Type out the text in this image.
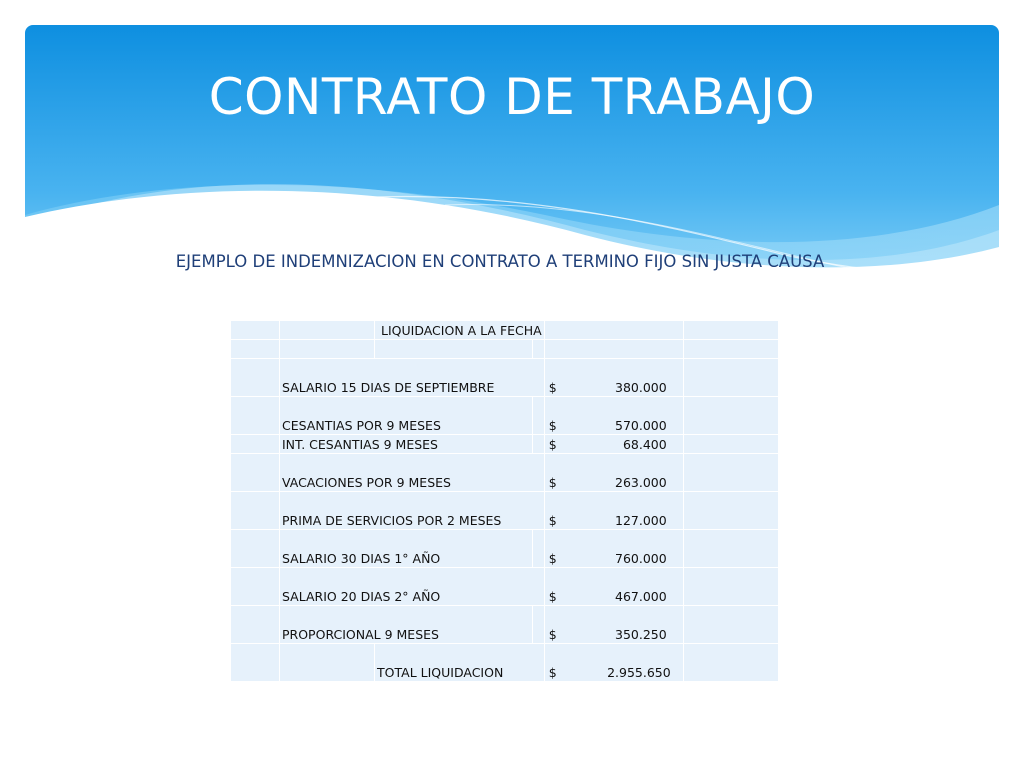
CONTRATO DE TRABAJO

EJEMPLO DE INDEMNIZACION EN CONTRATO A TERMINO FIJO SIN JUSTA CAUSA

		LIQUIDACION A LA FECHA			

	SALARIO 15 DIAS DE SEPTIEMBRE			$ 380.000	

	CESANTIAS POR 9 MESES			$ 570.000	

	INT. CESANTIAS 9 MESES			$ 68.400	

	VACACIONES POR 9 MESES			$ 263.000	

	PRIMA DE SERVICIOS POR 2 MESES			$ 127.000	

	SALARIO 30 DIAS 1° AÑO			$ 760.000	

	SALARIO 20 DIAS 2° AÑO			$ 467.000	

	PROPORCIONAL 9 MESES			$ 350.250	

		TOTAL LIQUIDACION		$ 2.955.650	
